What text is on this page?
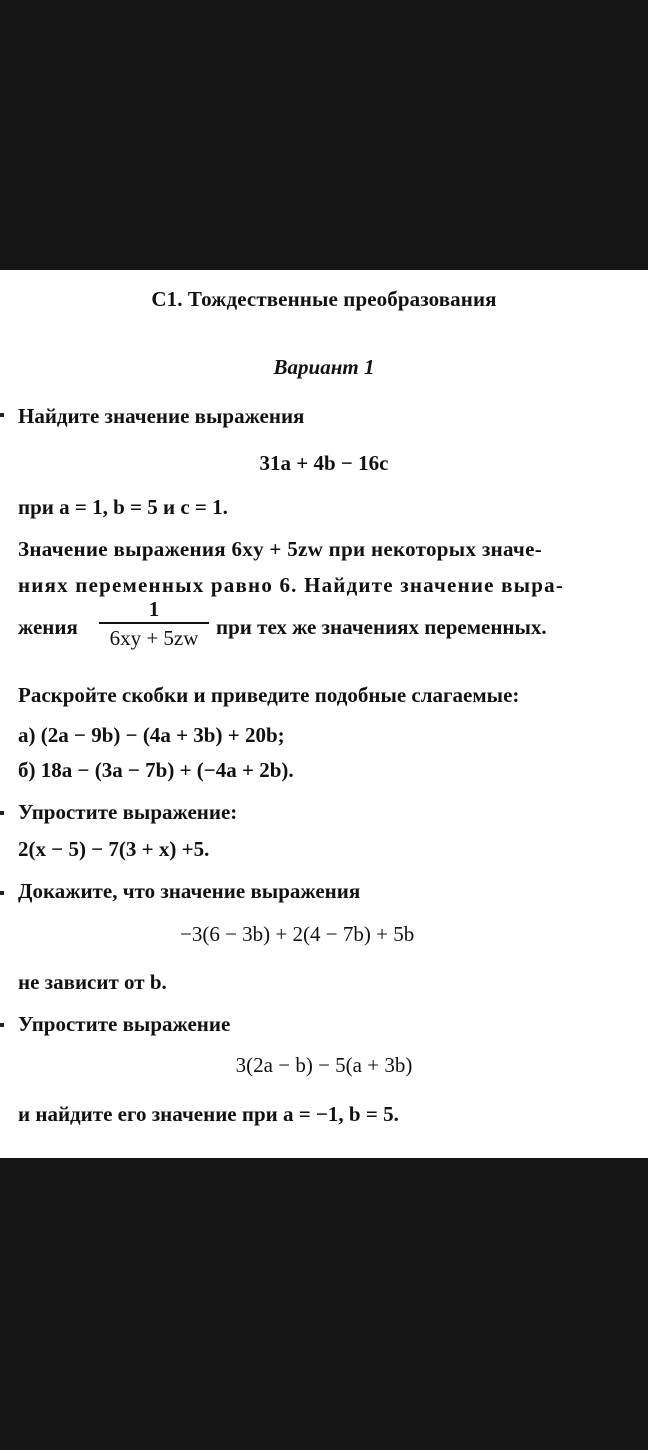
C1. Тождественные преобразования
Вариант 1
Найдите значение выражения
31a + 4b − 16c
при a = 1, b = 5 и c = 1.
Значение выражения 6xy + 5zw при некоторых значе-
ниях переменных равно 6. Найдите значение выра-
жения
1
6xy + 5zw при тех же значениях переменных.
Раскройте скобки и приведите подобные слагаемые:
а) (2a − 9b) − (4a + 3b) + 20b;
б) 18a − (3a − 7b) + (−4a + 2b).
Упростите выражение:
2(x − 5) − 7(3 + x) +5.
Докажите, что значение выражения
−3(6 − 3b) + 2(4 − 7b) + 5b
не зависит от b.
Упростите выражение
3(2a − b) − 5(a + 3b)
и найдите его значение при a = −1, b = 5.
